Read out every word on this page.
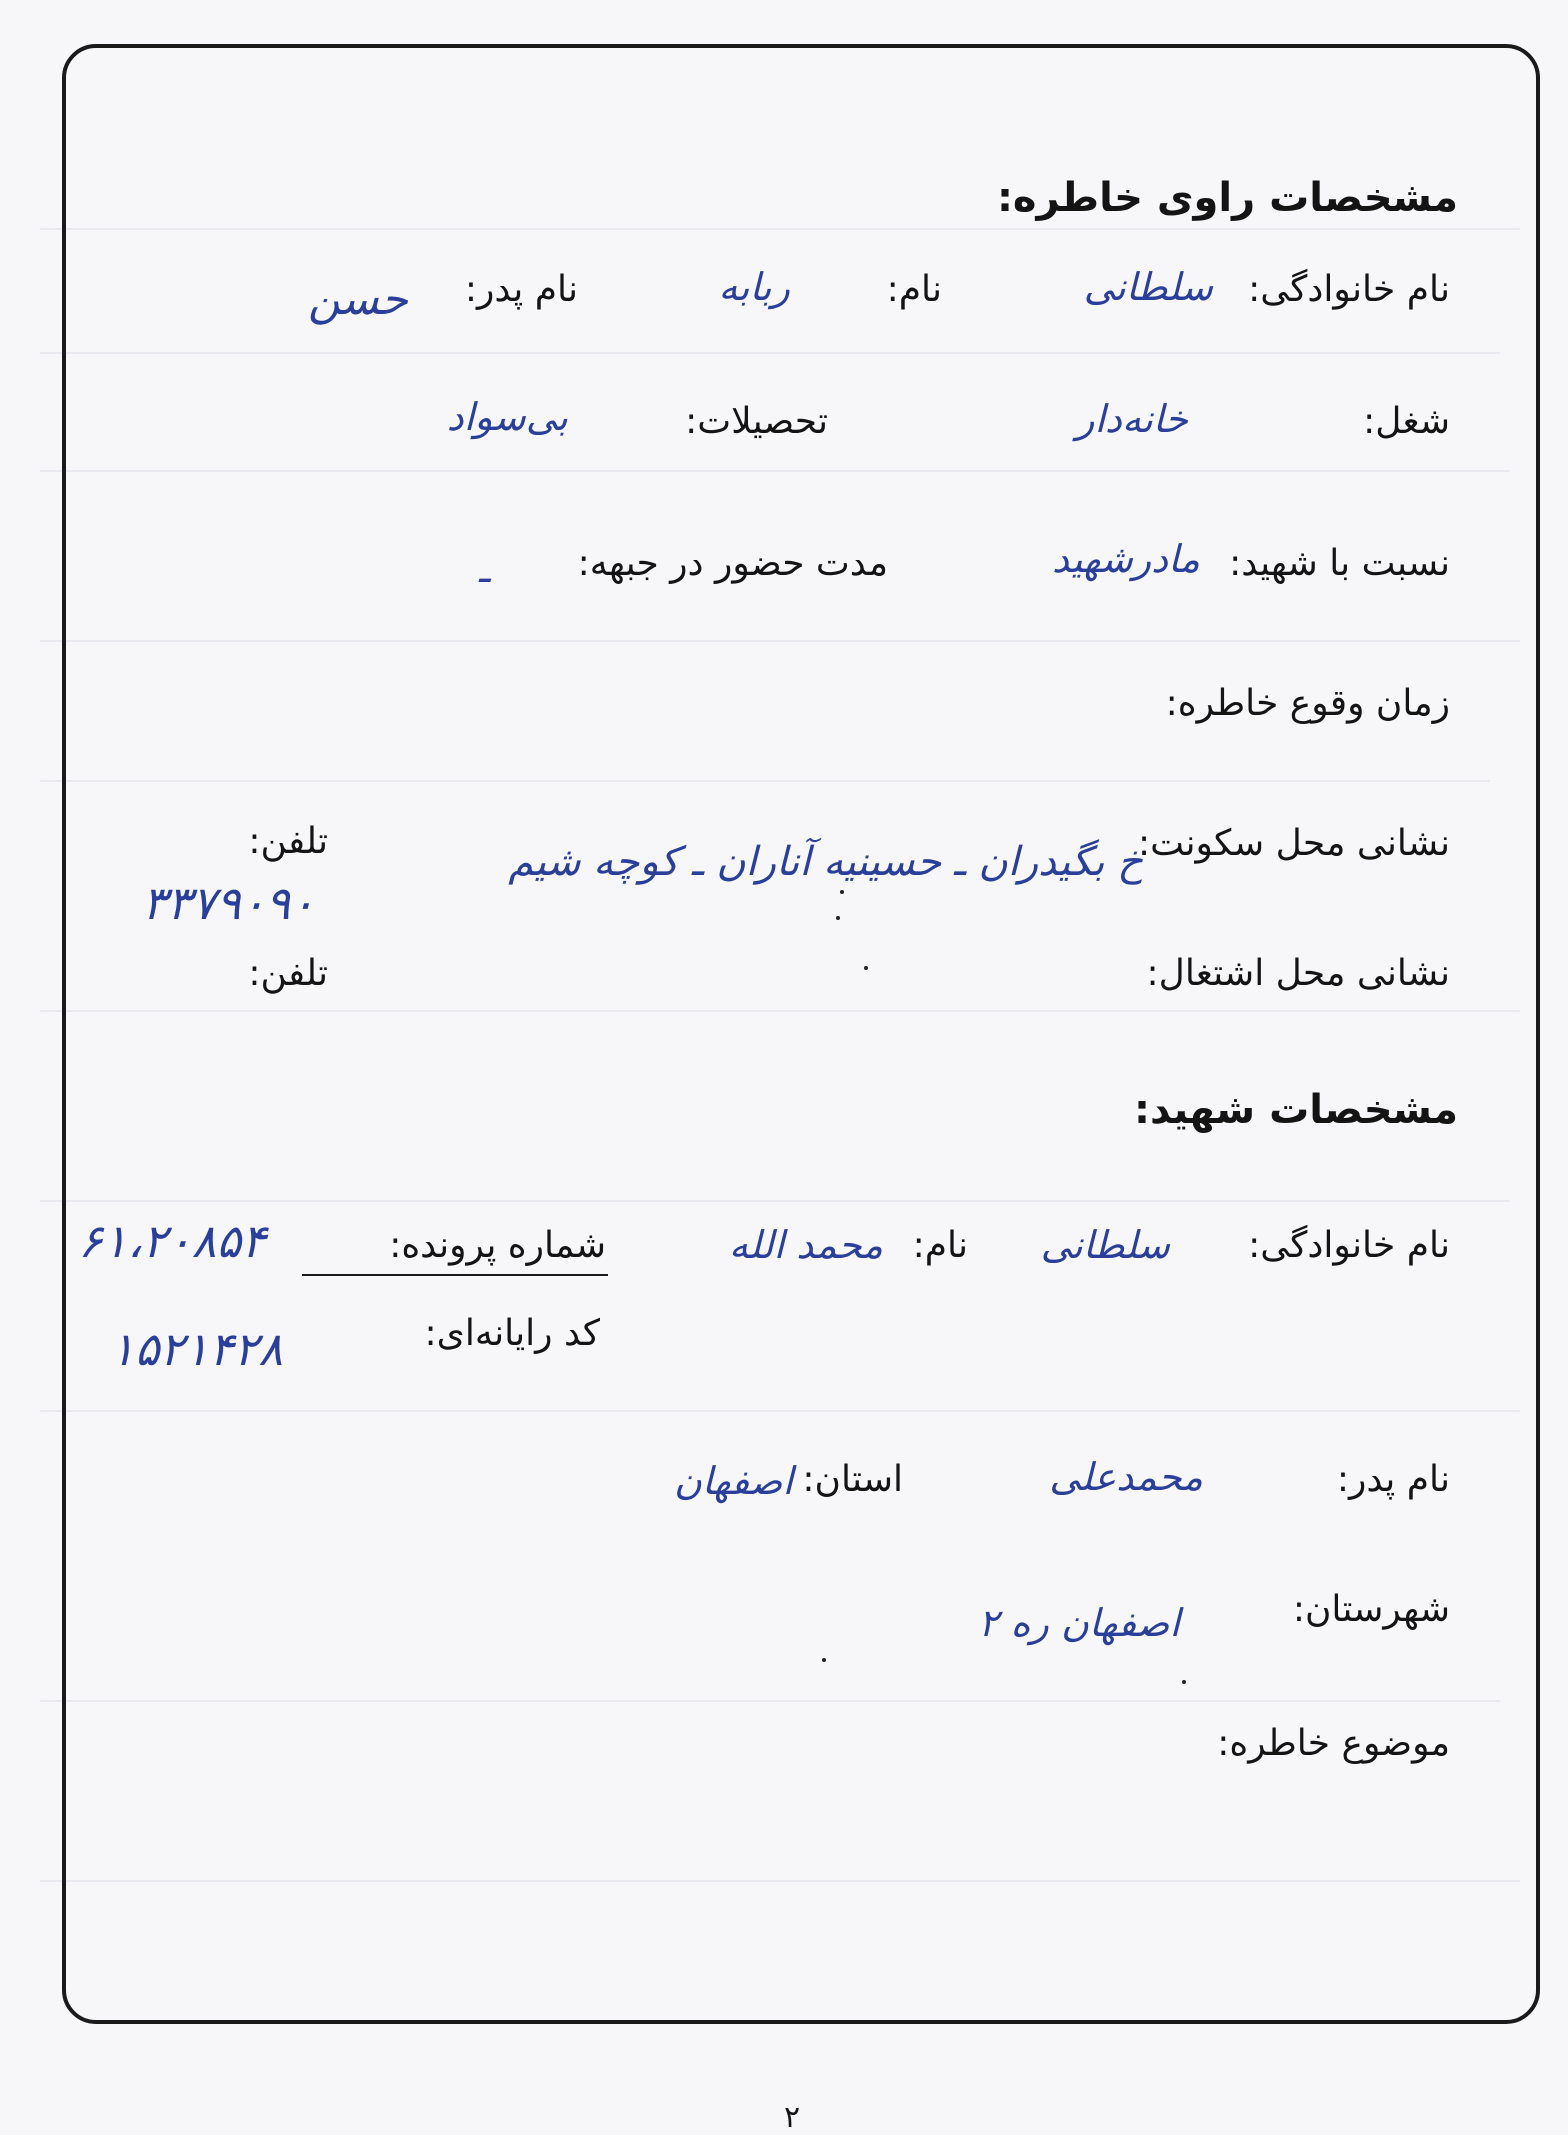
مشخصات راوی خاطره:
نام خانوادگی:
سلطانی
نام:
ربابه
نام پدر:
حسن
شغل:
خانه‌دار
تحصیلات:
بی‌سواد
نسبت با شهید:
مادرشهید
مدت حضور در جبهه:
ـ
زمان وقوع خاطره:
نشانی محل سکونت:
خ بگیدران ـ حسینیه آناران ـ کوچه شیم
تلفن:
۳۳۷۹۰۹۰
نشانی محل اشتغال:
تلفن:
مشخصات شهید:
نام خانوادگی:
سلطانی
نام:
محمد الله
شماره پرونده:
۶۱،۲۰۸۵۴
کد رایانه‌ای:
۱۵۲۱۴۲۸
نام پدر:
محمدعلی
استان:
اصفهان
شهرستان:
اصفهان ره ۲
موضوع خاطره:
۲
